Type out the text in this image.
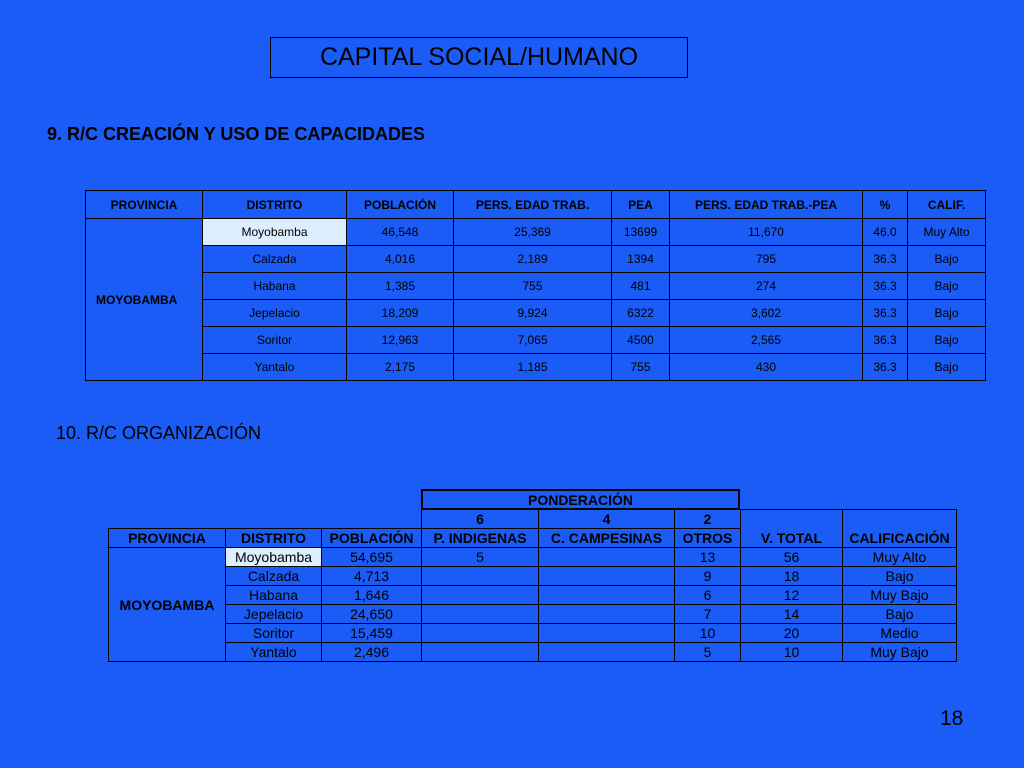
CAPITAL SOCIAL/HUMANO
9. R/C CREACIÓN Y USO DE CAPACIDADES
PROVINCIA	DISTRITO	POBLACIÓN	PERS. EDAD TRAB.	PEA	PERS. EDAD TRAB.-PEA	%	CALIF.
MOYOBAMBA	Moyobamba	46,548	25,369	13699	11,670	46.0	Muy Alto
	Calzada	4,016	2,189	1394	795	36.3	Bajo
	Habana	1,385	755	481	274	36.3	Bajo
	Jepelacio	18,209	9,924	6322	3,602	36.3	Bajo
	Soritor	12,963	7,065	4500	2,565	36.3	Bajo
	Yantalo	2,175	1,185	755	430	36.3	Bajo
10. R/C ORGANIZACIÓN
PONDERACIÓN
			6	4	2	V. TOTAL	CALIFICACIÓN
PROVINCIA	DISTRITO	POBLACIÓN	P. INDIGENAS	C. CAMPESINAS	OTROS		
MOYOBAMBA	Moyobamba	54,695	5		13	56	Muy Alto
	Calzada	4,713			9	18	Bajo
	Habana	1,646			6	12	Muy Bajo
	Jepelacio	24,650			7	14	Bajo
	Soritor	15,459			10	20	Medio
	Yantalo	2,496			5	10	Muy Bajo
18
